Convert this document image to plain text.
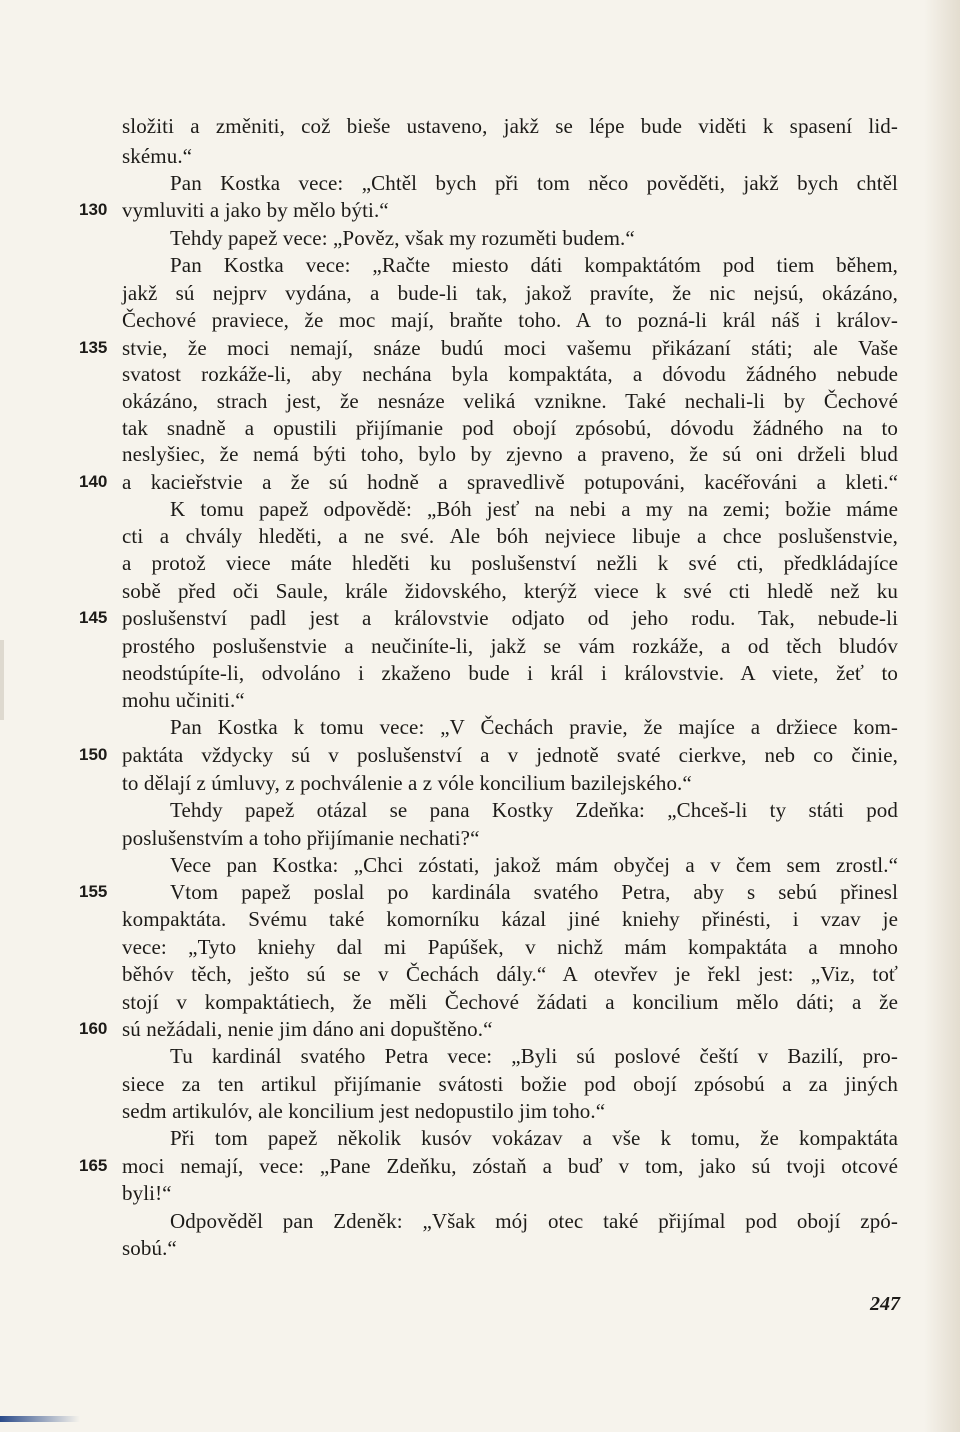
složiti a změniti, což bieše ustaveno, jakž se lépe bude viděti k spasení lid-
skému.“
Pan Kostka vece: „Chtěl bych při tom něco pověděti, jakž bych chtěl
vymluviti a jako by mělo býti.“
Tehdy papež vece: „Pověz, však my rozuměti budem.“
Pan Kostka vece: „Račte miesto dáti kompaktátóm pod tiem během,
jakž sú nejprv vydána, a bude-li tak, jakož pravíte, že nic nejsú, okázáno,
Čechové praviece, že moc mají, braňte toho. A to pozná-li král náš i králov-
stvie, že moci nemají, snáze budú moci vašemu přikázaní státi; ale Vaše
svatost rozkáže-li, aby nechána byla kompaktáta, a dóvodu žádného nebude
okázáno, strach jest, že nesnáze veliká vznikne. Také nechali-li by Čechové
tak snadně a opustili přijímanie pod obojí zpósobú, dóvodu žádného na to
neslyšiec, že nemá býti toho, bylo by zjevno a praveno, že sú oni drželi blud
a kacieřstvie a že sú hodně a spravedlivě potupováni, kacéřováni a kleti.“
K tomu papež odpovědě: „Bóh jesť na nebi a my na zemi; božie máme
cti a chvály hleděti, a ne své. Ale bóh nejviece libuje a chce poslušenstvie,
a protož viece máte hleděti ku poslušenství nežli k své cti, předkládajíce
sobě před oči Saule, krále židovského, kterýž viece k své cti hledě než ku
poslušenství padl jest a královstvie odjato od jeho rodu. Tak, nebude-li
prostého poslušenstvie a neučiníte-li, jakž se vám rozkáže, a od těch bludóv
neodstúpíte-li, odvoláno i zkaženo bude i král i královstvie. A viete, žeť to
mohu učiniti.“
Pan Kostka k tomu vece: „V Čechách pravie, že majíce a držiece kom-
paktáta vždycky sú v poslušenství a v jednotě svaté cierkve, neb co činie,
to dělají z úmluvy, z pochválenie a z vóle koncilium bazilejského.“
Tehdy papež otázal se pana Kostky Zdeňka: „Chceš-li ty státi pod
poslušenstvím a toho přijímanie nechati?“
Vece pan Kostka: „Chci zóstati, jakož mám obyčej a v čem sem zrostl.“
Vtom papež poslal po kardinála svatého Petra, aby s sebú přinesl
kompaktáta. Svému také komorníku kázal jiné kniehy přinésti, i vzav je
vece: „Tyto kniehy dal mi Papúšek, v nichž mám kompaktáta a mnoho
běhóv těch, ješto sú se v Čechách dály.“ A otevřev je řekl jest: „Viz, toť
stojí v kompaktátiech, že měli Čechové žádati a koncilium mělo dáti; a že
sú nežádali, nenie jim dáno ani dopuštěno.“
Tu kardinál svatého Petra vece: „Byli sú poslové čeští v Bazilí, pro-
siece za ten artikul přijímanie svátosti božie pod obojí zpósobú a za jiných
sedm artikulóv, ale koncilium jest nedopustilo jim toho.“
Při tom papež několik kusóv vokázav a vše k tomu, že kompaktáta
moci nemají, vece: „Pane Zdeňku, zóstaň a buď v tom, jako sú tvoji otcové
byli!“
Odpověděl pan Zdeněk: „Však mój otec také přijímal pod obojí zpó-
sobú.“
130
135
140
145
150
155
160
165
247
